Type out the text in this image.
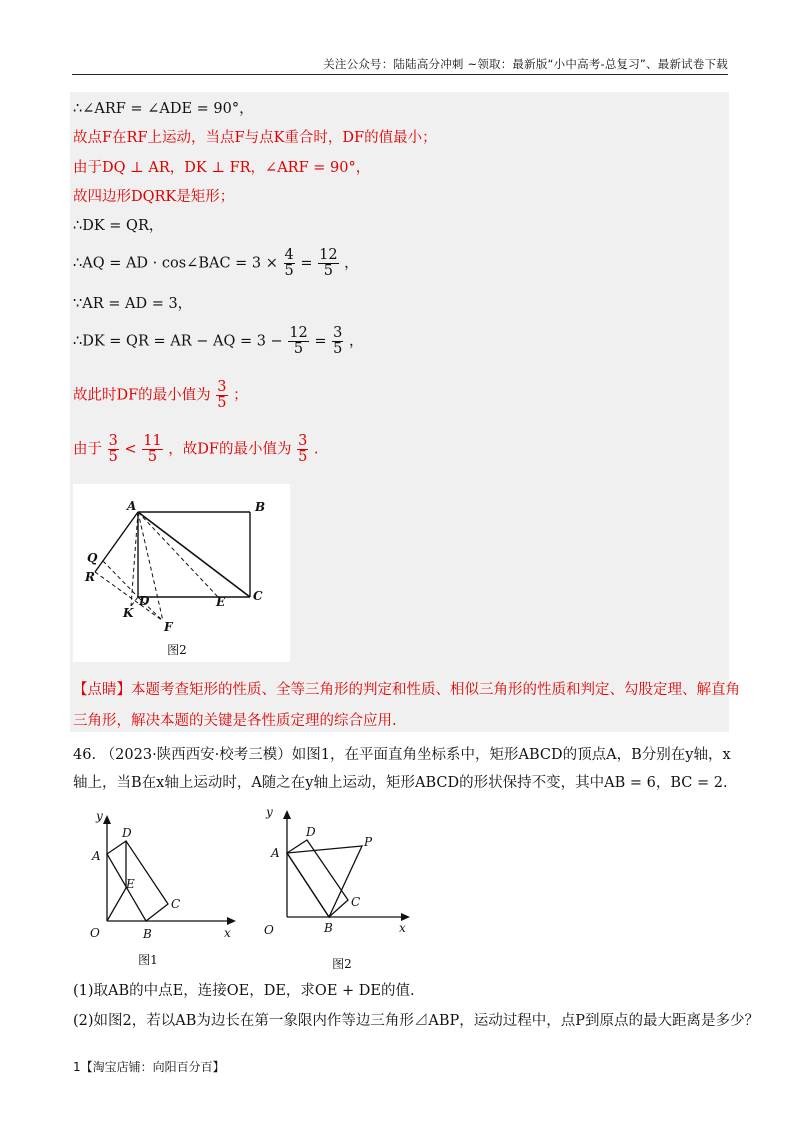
关注公众号：陆陆高分冲刺 ~领取：最新版“小中高考-总复习”、最新试卷下载
∴∠ARF = ∠ADE = 90°，
故点F在RF上运动，当点F与点K重合时，DF的值最小；
由于DQ ⊥ AR，DK ⊥ FR，∠ARF = 90°，
故四边形DQRK是矩形；
∴DK = QR，
∴AQ = AD · cos∠BAC = $3 \times \frac{4}{5} = \frac{12}{5}$ ，
∵AR = AD = 3，
∴DK = QR = AR − AQ = $3 - \frac{12}{5} = \frac{3}{5}$ ，
故此时DF的最小值为 $\frac{3}{5}$ ；
由于 $\frac{3}{5} < \frac{11}{5}$ ，故DF的最小值为 $\frac{3}{5}$ .
A	B
C
D	E
F
K
Q
R
图2
【点睛】本题考查矩形的性质、全等三角形的判定和性质、相似三角形的性质和判定、勾股定理、解直角
三角形，解决本题的关键是各性质定理的综合应用.
46. （2023·陕西西安·校考三模）如图1，在平面直角坐标系中，矩形ABCD的顶点A，B分别在y轴，x
轴上，当B在x轴上运动时，A随之在y轴上运动，矩形ABCD的形状保持不变，其中AB = 6，BC = 2.
y
x
O
A
D
E
C
B
图1
y
x
O
A
D
P
C
B
图2
(1)取AB的中点E，连接OE，DE，求OE + DE的值.
(2)如图2，若以AB为边长在第一象限内作等边三角形⊿ABP，运动过程中，点P到原点的最大距离是多少？
1【淘宝店铺：向阳百分百】
